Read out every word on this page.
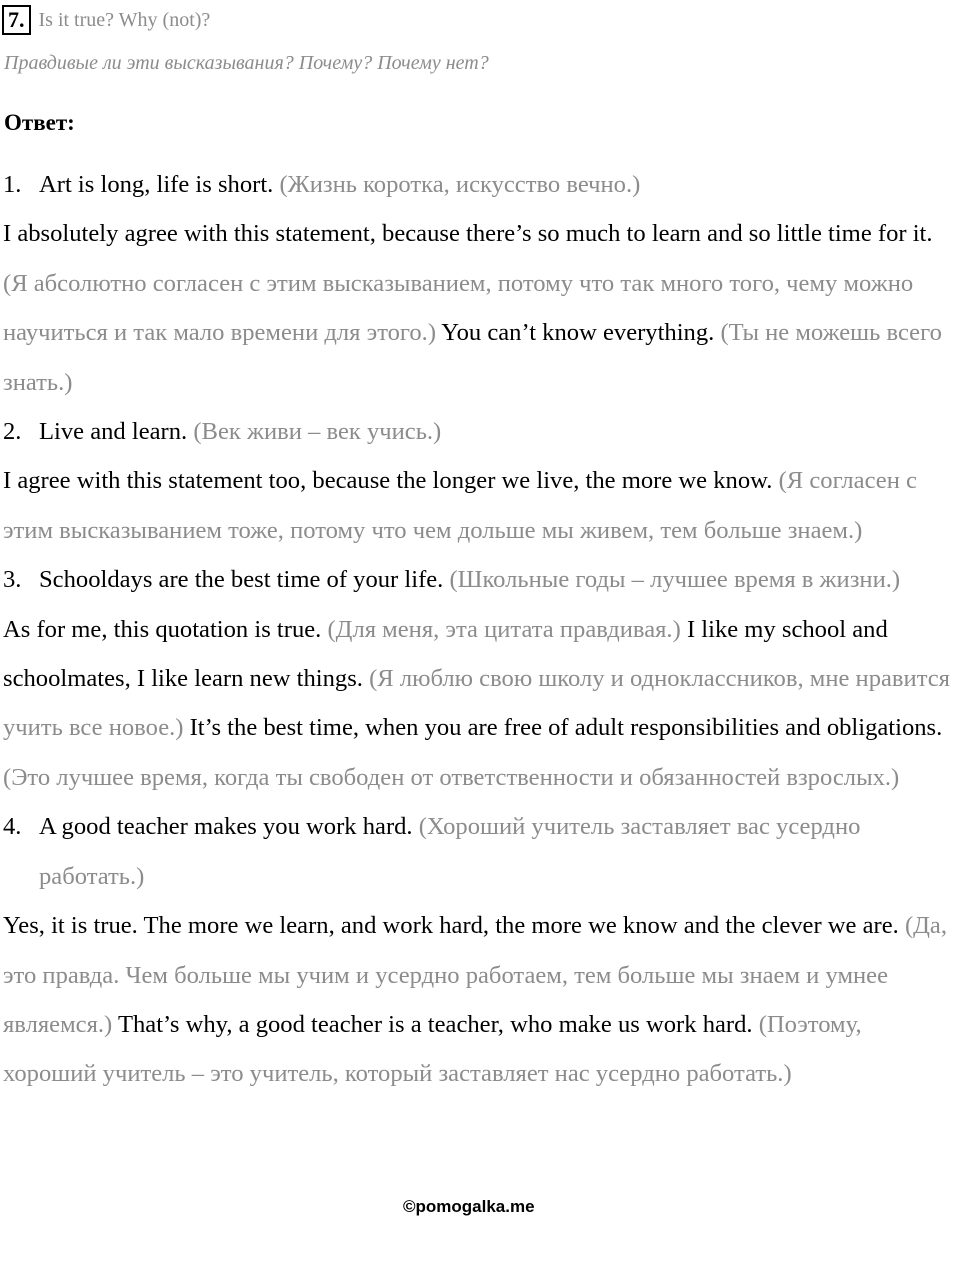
7. Is it true? Why (not)?
Правдивые ли эти высказывания? Почему? Почему нет?
Ответ:

1. Art is long, life is short. (Жизнь коротка, искусство вечно.)

I absolutely agree with this statement, because there’s so much to learn and so little time for it. (Я абсолютно согласен с этим высказыванием, потому что так много того, чему можно научиться и так мало времени для этого.) You can’t know everything. (Ты не можешь всего знать.)

2. Live and learn. (Век живи – век учись.)

I agree with this statement too, because the longer we live, the more we know. (Я согласен с этим высказыванием тоже, потому что чем дольше мы живем, тем больше знаем.)

3. Schooldays are the best time of your life. (Школьные годы – лучшее время в жизни.)

As for me, this quotation is true. (Для меня, эта цитата правдивая.) I like my school and schoolmates, I like learn new things. (Я люблю свою школу и одноклассников, мне нравится учить все новое.) It’s the best time, when you are free of adult responsibilities and obligations. (Это лучшее время, когда ты свободен от ответственности и обязанностей взрослых.)

4. A good teacher makes you work hard. (Хороший учитель заставляет вас усердно работать.)

Yes, it is true. The more we learn, and work hard, the more we know and the clever we are. (Да, это правда. Чем больше мы учим и усердно работаем, тем больше мы знаем и умнее являемся.) That’s why, a good teacher is a teacher, who make us work hard. (Поэтому, хороший учитель – это учитель, который заставляет нас усердно работать.)

©pomogalka.me
